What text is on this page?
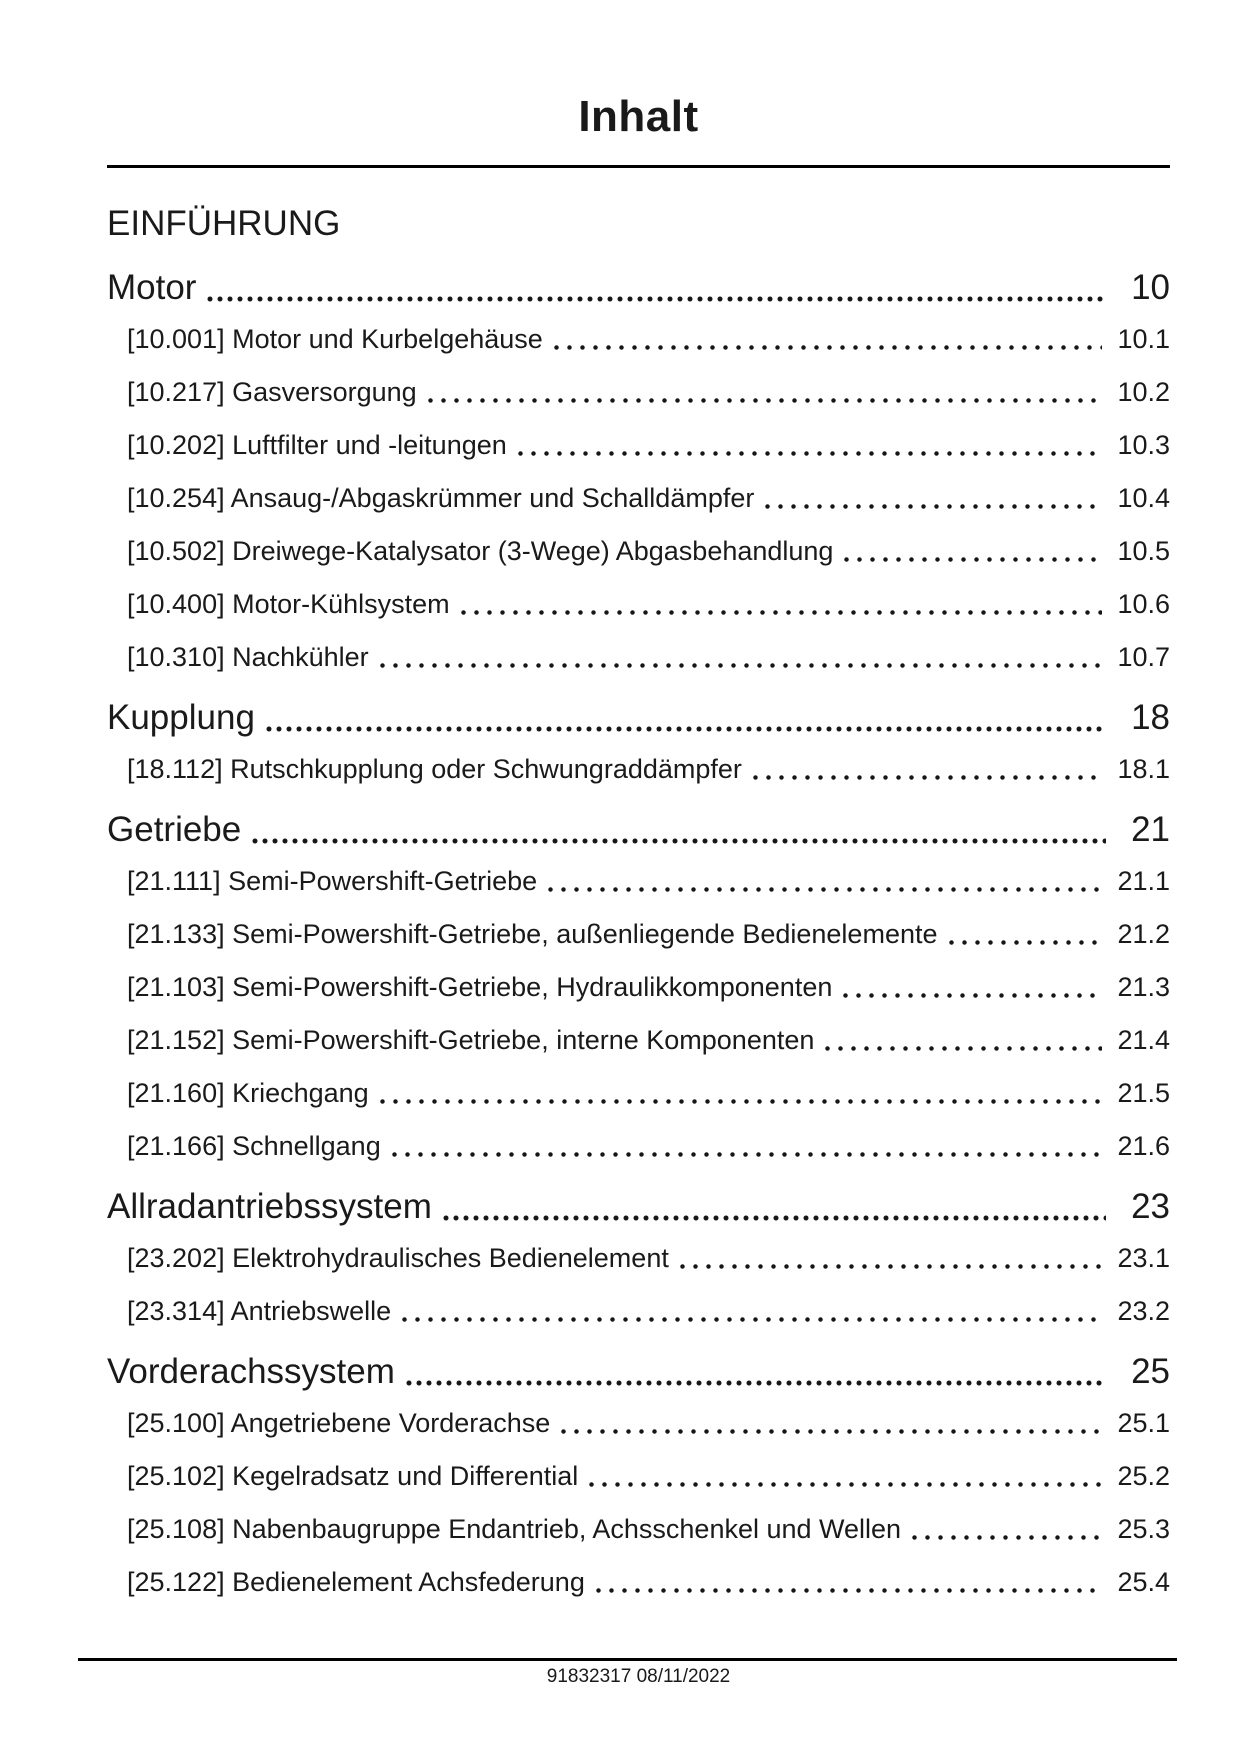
Inhalt
EINFÜHRUNG
Motor	10
[10.001] Motor und Kurbelgehäuse	10.1
[10.217] Gasversorgung	10.2
[10.202] Luftfilter und -leitungen	10.3
[10.254] Ansaug-/Abgaskrümmer und Schalldämpfer	10.4
[10.502] Dreiwege-Katalysator (3-Wege) Abgasbehandlung	10.5
[10.400] Motor-Kühlsystem	10.6
[10.310] Nachkühler	10.7
Kupplung	18
[18.112] Rutschkupplung oder Schwungraddämpfer	18.1
Getriebe	21
[21.111] Semi-Powershift-Getriebe	21.1
[21.133] Semi-Powershift-Getriebe, außenliegende Bedienelemente	21.2
[21.103] Semi-Powershift-Getriebe, Hydraulikkomponenten	21.3
[21.152] Semi-Powershift-Getriebe, interne Komponenten	21.4
[21.160] Kriechgang	21.5
[21.166] Schnellgang	21.6
Allradantriebssystem	23
[23.202] Elektrohydraulisches Bedienelement	23.1
[23.314] Antriebswelle	23.2
Vorderachssystem	25
[25.100] Angetriebene Vorderachse	25.1
[25.102] Kegelradsatz und Differential	25.2
[25.108] Nabenbaugruppe Endantrieb, Achsschenkel und Wellen	25.3
[25.122] Bedienelement Achsfederung	25.4
91832317 08/11/2022
